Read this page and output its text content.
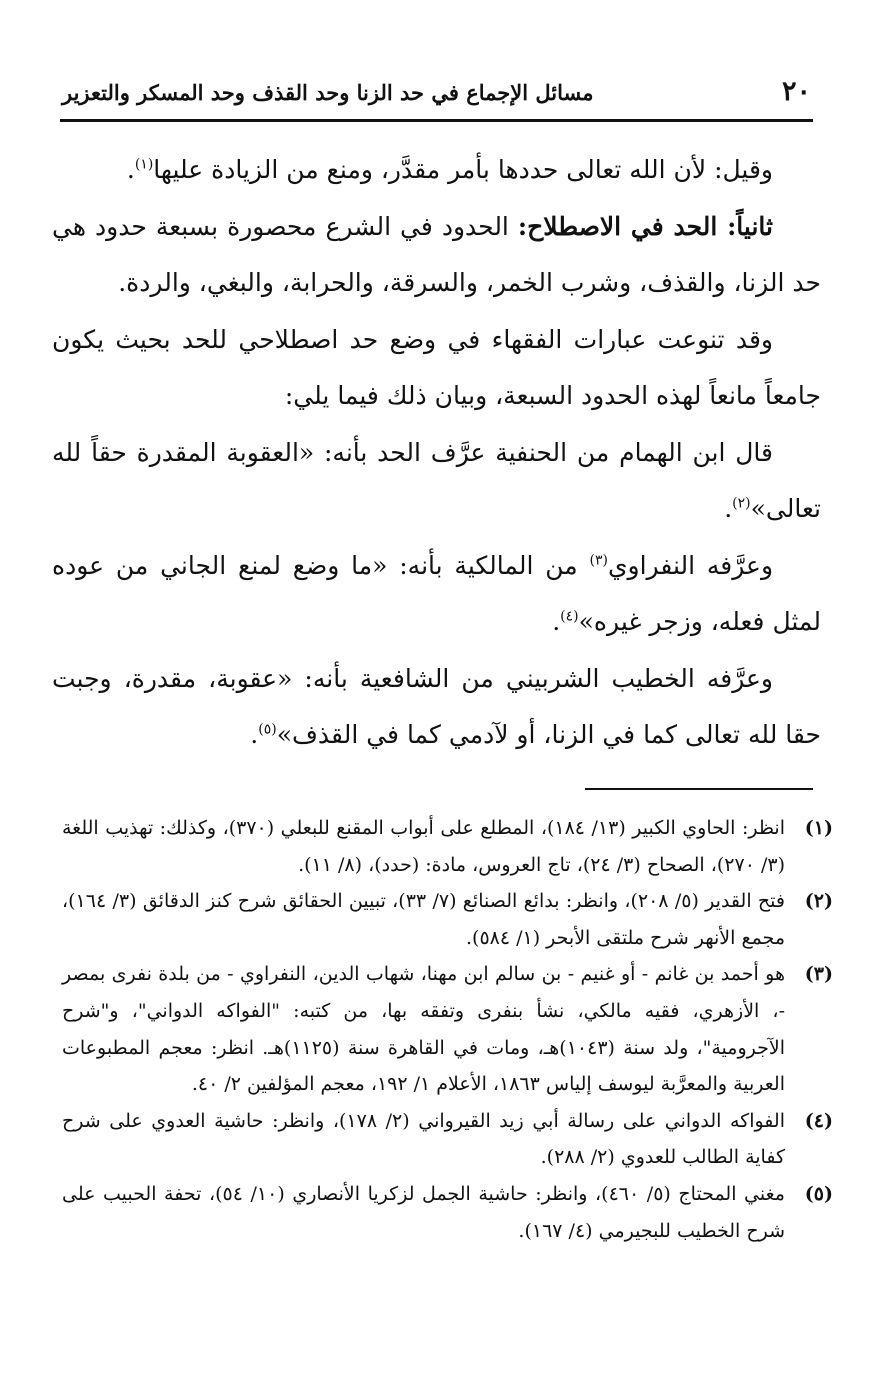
٢٠
مسائل الإجماع في حد الزنا وحد القذف وحد المسكر والتعزير

وقيل: لأن الله تعالى حددها بأمر مقدَّر، ومنع من الزيادة عليها$^{(١)}$.

ثانياً: الحد في الاصطلاح: الحدود في الشرع محصورة بسبعة حدود هي حد الزنا، والقذف، وشرب الخمر، والسرقة، والحرابة، والبغي، والردة.

وقد تنوعت عبارات الفقهاء في وضع حد اصطلاحي للحد بحيث يكون جامعاً مانعاً لهذه الحدود السبعة، وبيان ذلك فيما يلي:

قال ابن الهمام من الحنفية عرَّف الحد بأنه: «العقوبة المقدرة حقاً لله تعالى»$^{(٢)}$.

وعرَّفه النفراوي$^{(٣)}$ من المالكية بأنه: «ما وضع لمنع الجاني من عوده لمثل فعله، وزجر غيره»$^{(٤)}$.

وعرَّفه الخطيب الشربيني من الشافعية بأنه: «عقوبة، مقدرة، وجبت حقا لله تعالى كما في الزنا، أو لآدمي كما في القذف»$^{(٥)}$.

(١)
انظر: الحاوي الكبير (١٣/ ١٨٤)، المطلع على أبواب المقنع للبعلي (٣٧٠)، وكذلك: تهذيب اللغة (٣/ ٢٧٠)، الصحاح (٣/ ٢٤)، تاج العروس، مادة: (حدد)، (٨/ ١١).
(٢)
فتح القدير (٥/ ٢٠٨)، وانظر: بدائع الصنائع (٧/ ٣٣)، تبيين الحقائق شرح كنز الدقائق (٣/ ١٦٤)، مجمع الأنهر شرح ملتقى الأبحر (١/ ٥٨٤).
(٣)
هو أحمد بن غانم - أو غنيم - بن سالم ابن مهنا، شهاب الدين، النفراوي - من بلدة نفرى بمصر -، الأزهري، فقيه مالكي، نشأ بنفرى وتفقه بها، من كتبه: "الفواكه الدواني"، و"شرح الآجرومية"، ولد سنة (١٠٤٣)هـ، ومات في القاهرة سنة (١١٢٥)هـ. انظر: معجم المطبوعات العربية والمعرَّبة ليوسف إلياس ١٨٦٣، الأعلام ١/ ١٩٢، معجم المؤلفين ٢/ ٤٠.
(٤)
الفواكه الدواني على رسالة أبي زيد القيرواني (٢/ ١٧٨)، وانظر: حاشية العدوي على شرح كفاية الطالب للعدوي (٢/ ٢٨٨).
(٥)
مغني المحتاج (٥/ ٤٦٠)، وانظر: حاشية الجمل لزكريا الأنصاري (١٠/ ٥٤)، تحفة الحبيب على شرح الخطيب للبجيرمي (٤/ ١٦٧).
